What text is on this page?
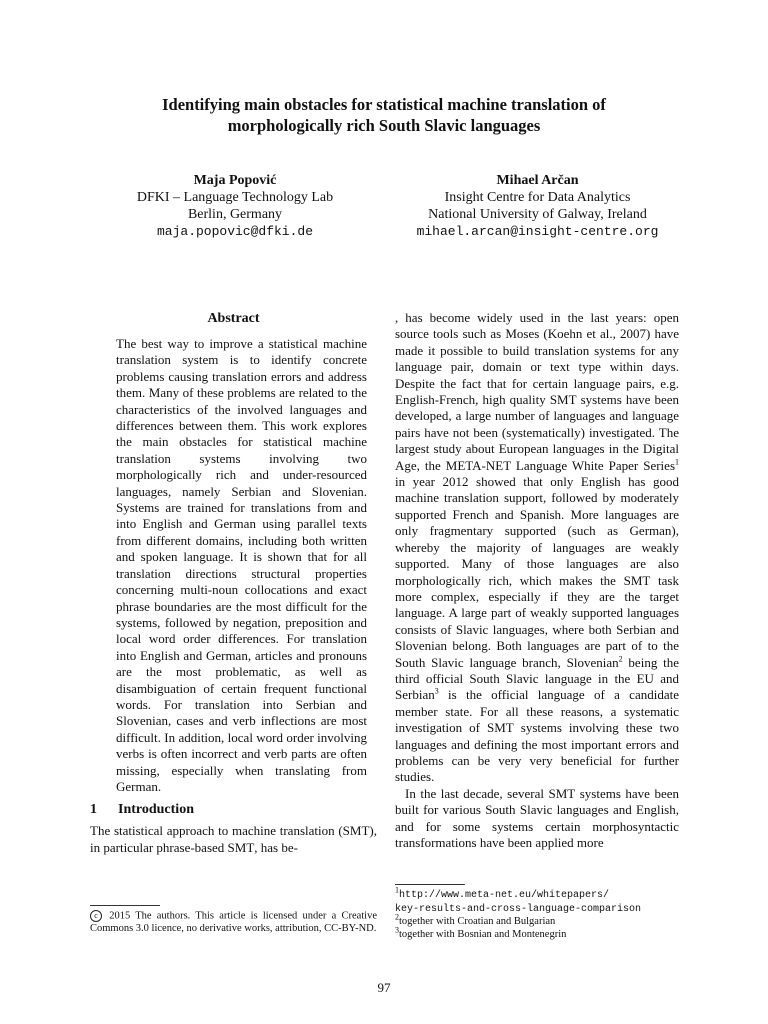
Identifying main obstacles for statistical machine translation of
morphologically rich South Slavic languages
Maja Popović
DFKI – Language Technology Lab
Berlin, Germany
maja.popovic@dfki.de
Mihael Arčan
Insight Centre for Data Analytics
National University of Galway, Ireland
mihael.arcan@insight-centre.org
Abstract

The best way to improve a statistical machine translation system is to identify concrete problems causing translation errors and address them. Many of these problems are related to the characteristics of the involved languages and differences between them. This work explores the main obstacles for statistical machine translation systems involving two morphologically rich and under-resourced languages, namely Serbian and Slovenian. Systems are trained for translations from and into English and German using parallel texts from different domains, including both written and spoken language. It is shown that for all translation directions structural properties concerning multi-noun collocations and exact phrase boundaries are the most difficult for the systems, followed by negation, preposition and local word order differences. For translation into English and German, articles and pronouns are the most problematic, as well as disambiguation of certain frequent functional words. For translation into Serbian and Slovenian, cases and verb inflections are most difficult. In addition, local word order involving verbs is often incorrect and verb parts are often missing, especially when translating from German.

1 Introduction

The statistical approach to machine translation (SMT), in particular phrase-based SMT, has be-

, has become widely used in the last years: open source tools such as Moses (Koehn et al., 2007) have made it possible to build translation systems for any language pair, domain or text type within days. Despite the fact that for certain language pairs, e.g. English-French, high quality SMT systems have been developed, a large number of languages and language pairs have not been (systematically) investigated. The largest study about European languages in the Digital Age, the META-NET Language White Paper Series$^1$ in year 2012 showed that only English has good machine translation support, followed by moderately supported French and Spanish. More languages are only fragmentary supported (such as German), whereby the majority of languages are weakly supported. Many of those languages are also morphologically rich, which makes the SMT task more complex, especially if they are the target language. A large part of weakly supported languages consists of Slavic languages, where both Serbian and Slovenian belong. Both languages are part of to the South Slavic language branch, Slovenian$^2$ being the third official South Slavic language in the EU and Serbian$^3$ is the official language of a candidate member state. For all these reasons, a systematic investigation of SMT systems involving these two languages and defining the most important errors and problems can be very very beneficial for further studies.

In the last decade, several SMT systems have been built for various South Slavic languages and English, and for some systems certain morphosyntactic transformations have been applied more

c 2015 The authors. This article is licensed under a Creative Commons 3.0 licence, no derivative works, attribution, CC-BY-ND.
$^1$http://www.meta-net.eu/whitepapers/
key-results-and-cross-language-comparison
$^2$together with Croatian and Bulgarian
$^3$together with Bosnian and Montenegrin
97
